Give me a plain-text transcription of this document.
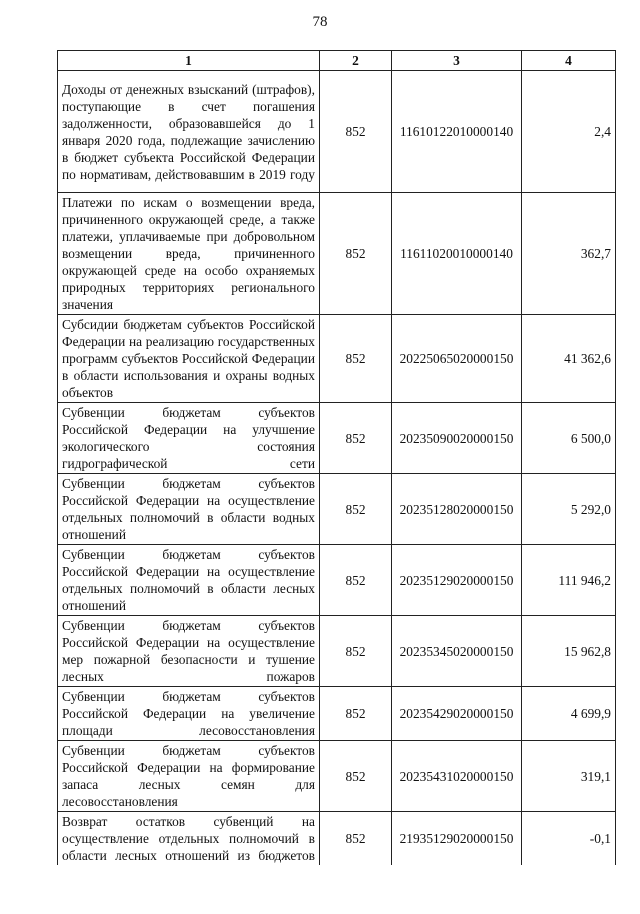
78
1	2	3	4
Доходы от денежных взысканий (штрафов), поступающие в счет погашения задолженности, образовавшейся до 1 января 2020 года, подлежащие зачислению в бюджет субъекта Российской Федерации по нормативам, действовавшим в 2019 году	852	11610122010000140	2,4
Платежи по искам о возмещении вреда, причиненного окружающей среде, а также платежи, уплачиваемые при добровольном возмещении вреда, причиненного окружающей среде на особо охраняемых природных территориях регионального значения	852	11611020010000140	362,7
Субсидии бюджетам субъектов Российской Федерации на реализацию государственных программ субъектов Российской Федерации в области использования и охраны водных объектов	852	20225065020000150	41 362,6
Субвенции бюджетам субъектов Российской Федерации на улучшение экологического состояния гидрографической сети	852	20235090020000150	6 500,0
Субвенции бюджетам субъектов Российской Федерации на осуществление отдельных полномочий в области водных отношений	852	20235128020000150	5 292,0
Субвенции бюджетам субъектов Российской Федерации на осуществление отдельных полномочий в области лесных отношений	852	20235129020000150	111 946,2
Субвенции бюджетам субъектов Российской Федерации на осуществление мер пожарной безопасности и тушение лесных пожаров	852	20235345020000150	15 962,8
Субвенции бюджетам субъектов Российской Федерации на увеличение площади лесовосстановления	852	20235429020000150	4 699,9
Субвенции бюджетам субъектов Российской Федерации на формирование запаса лесных семян для лесовосстановления	852	20235431020000150	319,1
Возврат остатков субвенций на осуществление отдельных полномочий в области лесных отношений из бюджетов	852	21935129020000150	-0,1
